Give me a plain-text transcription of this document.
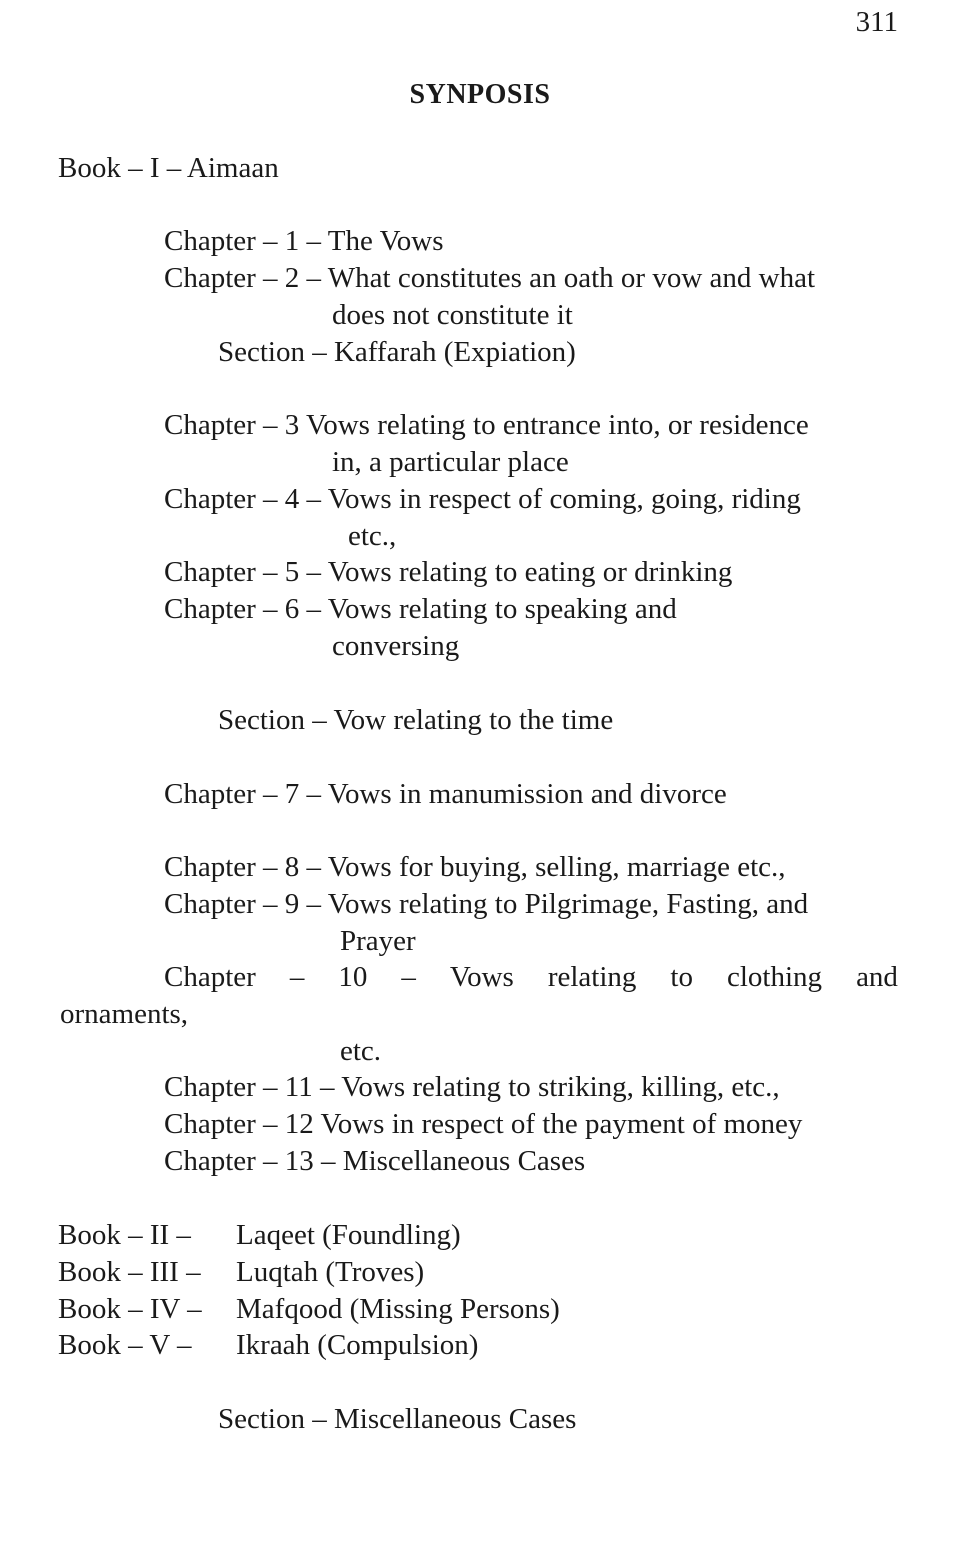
311
SYNPOSIS
Book – I – Aimaan
Chapter – 1 – The Vows
Chapter – 2 – What constitutes an oath or vow and what
does not constitute it
Section – Kaffarah (Expiation)
Chapter – 3 Vows relating to entrance into, or residence
in, a particular place
Chapter – 4 – Vows in respect of coming, going, riding
etc.,
Chapter – 5 – Vows relating to eating or drinking
Chapter – 6 – Vows relating to speaking and
conversing
Section – Vow relating to the time
Chapter – 7 – Vows in manumission and divorce
Chapter – 8 – Vows for buying, selling, marriage etc.,
Chapter – 9 – Vows relating to Pilgrimage, Fasting, and
Prayer
Chapter – 10 – Vows relating to clothing and
ornaments,
etc.
Chapter – 11 – Vows relating to striking, killing, etc.,
Chapter – 12 Vows in respect of the payment of money
Chapter – 13 – Miscellaneous Cases
Book – II – Laqeet (Foundling)
Book – III – Luqtah (Troves)
Book – IV – Mafqood (Missing Persons)
Book – V – Ikraah (Compulsion)
Section – Miscellaneous Cases
